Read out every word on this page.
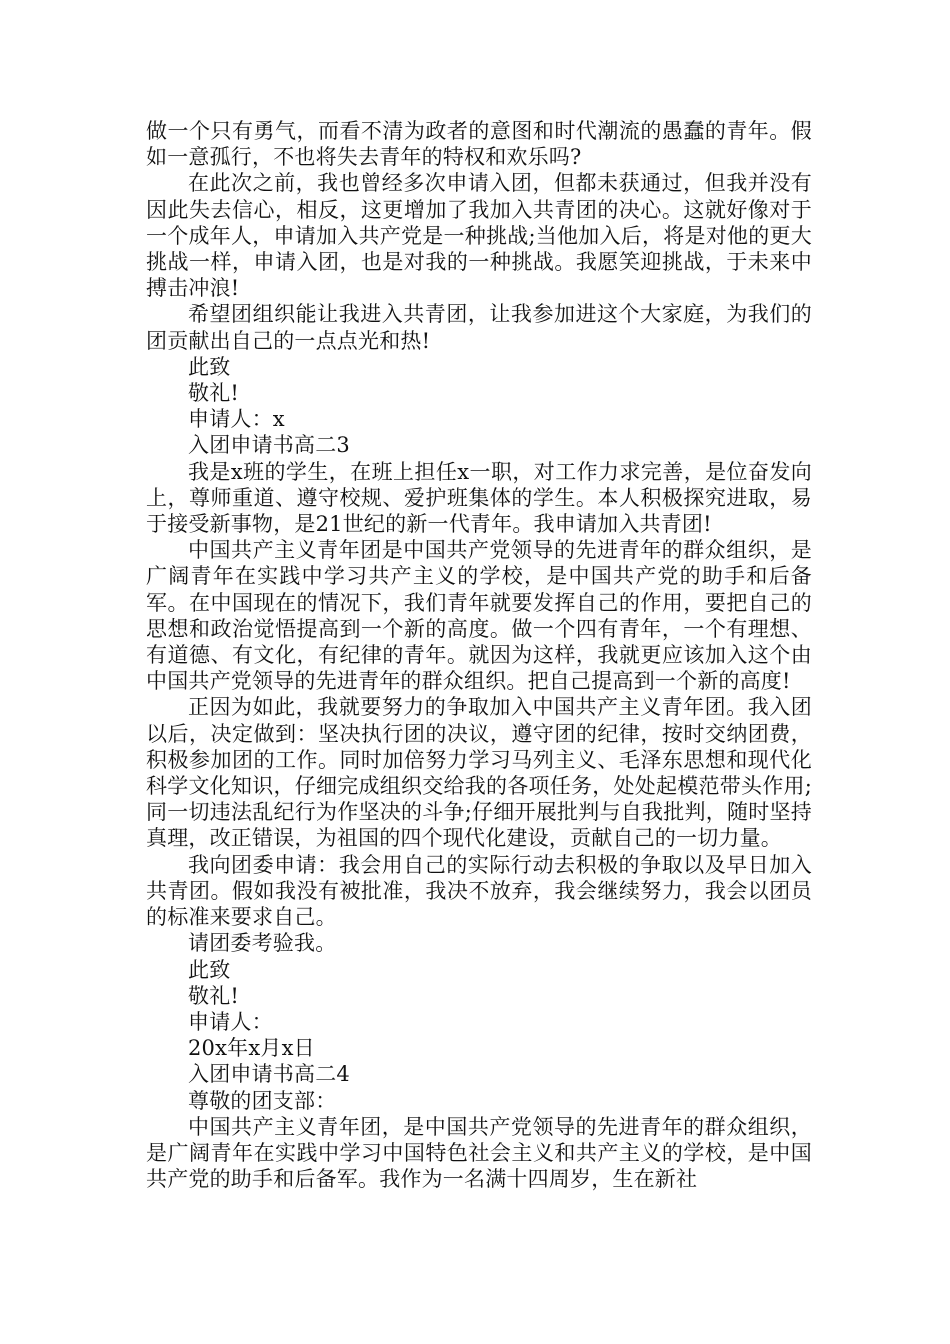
做一个只有勇气，而看不清为政者的意图和时代潮流的愚蠢的青年。假如一意孤行，不也将失去青年的特权和欢乐吗?

在此次之前，我也曾经多次申请入团，但都未获通过，但我并没有因此失去信心，相反，这更增加了我加入共青团的决心。这就好像对于一个成年人，申请加入共产党是一种挑战;当他加入后，将是对他的更大挑战一样，申请入团，也是对我的一种挑战。我愿笑迎挑战，于未来中搏击冲浪!

希望团组织能让我进入共青团，让我参加进这个大家庭，为我们的团贡献出自己的一点点光和热!

此致

敬礼!

申请人：x

入团申请书高二3

我是x班的学生，在班上担任x一职，对工作力求完善，是位奋发向上，尊师重道、遵守校规、爱护班集体的学生。本人积极探究进取，易于接受新事物，是21世纪的新一代青年。我申请加入共青团!

中国共产主义青年团是中国共产党领导的先进青年的群众组织，是广阔青年在实践中学习共产主义的学校，是中国共产党的助手和后备军。在中国现在的情况下，我们青年就要发挥自己的作用，要把自己的思想和政治觉悟提高到一个新的高度。做一个四有青年，一个有理想、有道德、有文化，有纪律的青年。就因为这样，我就更应该加入这个由中国共产党领导的先进青年的群众组织。把自己提高到一个新的高度!

正因为如此，我就要努力的争取加入中国共产主义青年团。我入团以后，决定做到：坚决执行团的决议，遵守团的纪律，按时交纳团费，积极参加团的工作。同时加倍努力学习马列主义、毛泽东思想和现代化科学文化知识，仔细完成组织交给我的各项任务，处处起模范带头作用;同一切违法乱纪行为作坚决的斗争;仔细开展批判与自我批判，随时坚持真理，改正错误，为祖国的四个现代化建设，贡献自己的一切力量。

我向团委申请：我会用自己的实际行动去积极的争取以及早日加入共青团。假如我没有被批准，我决不放弃，我会继续努力，我会以团员的标准来要求自己。

请团委考验我。

此致

敬礼!

申请人：

20x年x月x日

入团申请书高二4

尊敬的团支部：

中国共产主义青年团，是中国共产党领导的先进青年的群众组织，是广阔青年在实践中学习中国特色社会主义和共产主义的学校，是中国共产党的助手和后备军。我作为一名满十四周岁，生在新社
